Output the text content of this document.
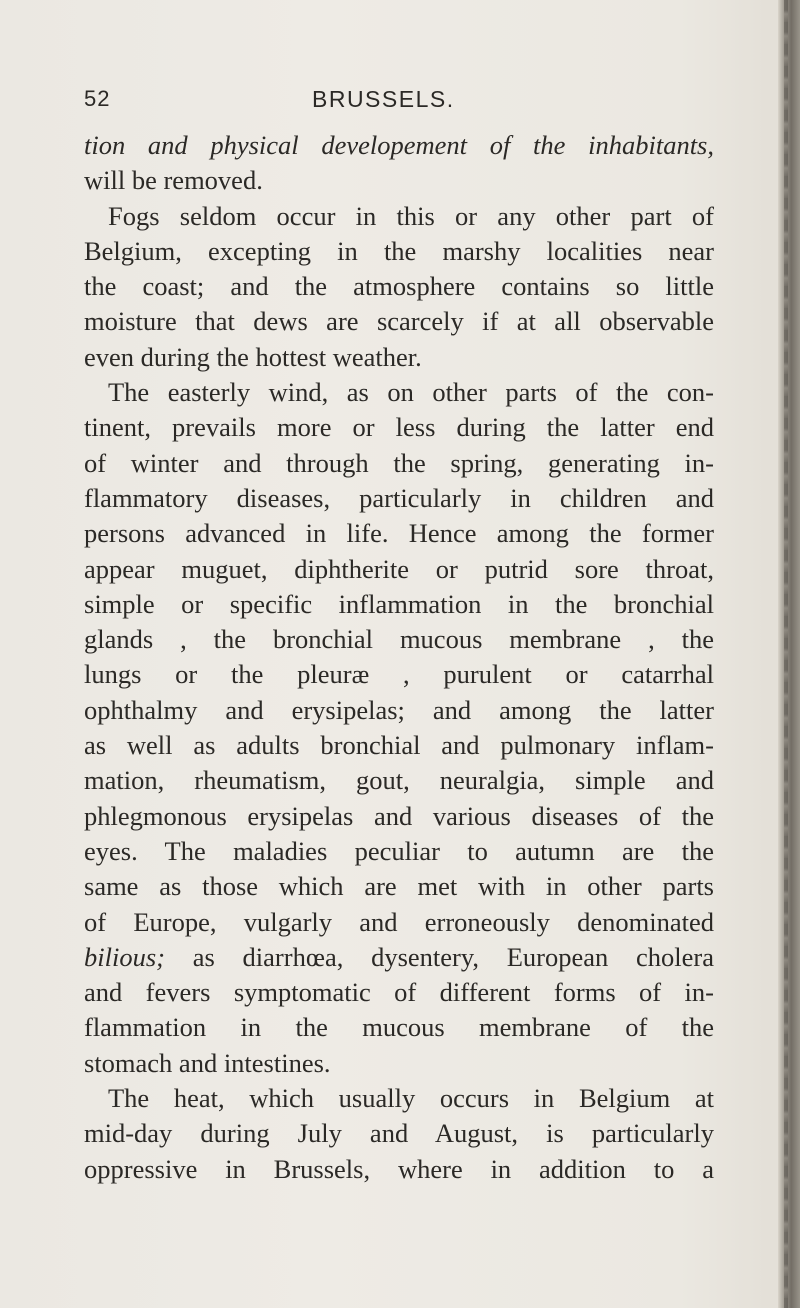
52	BRUSSELS.
tion and physical developement of the inhabitants,
will be removed.
Fogs seldom occur in this or any other part of
Belgium, excepting in the marshy localities near
the coast; and the atmosphere contains so little
moisture that dews are scarcely if at all observable
even during the hottest weather.
The easterly wind, as on other parts of the con-
tinent, prevails more or less during the latter end
of winter and through the spring, generating in-
flammatory diseases, particularly in children and
persons advanced in life. Hence among the former
appear muguet, diphtherite or putrid sore throat,
simple or specific inflammation in the bronchial
glands , the bronchial mucous membrane , the
lungs or the pleuræ , purulent or catarrhal
ophthalmy and erysipelas; and among the latter
as well as adults bronchial and pulmonary inflam-
mation, rheumatism, gout, neuralgia, simple and
phlegmonous erysipelas and various diseases of the
eyes. The maladies peculiar to autumn are the
same as those which are met with in other parts
of Europe, vulgarly and erroneously denominated
bilious; as diarrhœa, dysentery, European cholera
and fevers symptomatic of different forms of in-
flammation in the mucous membrane of the
stomach and intestines.
The heat, which usually occurs in Belgium at
mid-day during July and August, is particularly
oppressive in Brussels, where in addition to a
